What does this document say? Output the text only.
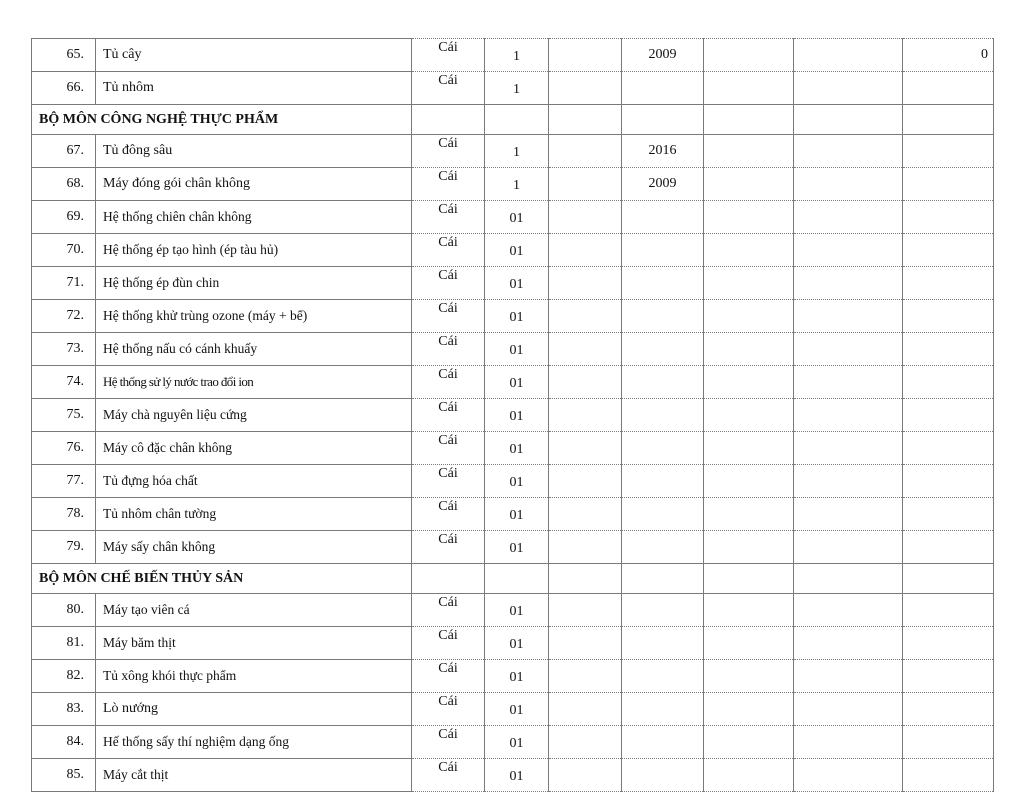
65.	Tủ cây	Cái	1		2009			0
66.	Tủ nhôm	Cái	1					
BỘ MÔN CÔNG NGHỆ THỰC PHẨM								
67.	Tủ đông sâu	Cái	1		2016			
68.	Máy đóng gói chân không	Cái	1		2009			
69.	Hệ thống chiên chân không	Cái	01					
70.	Hệ thống ép tạo hình (ép tàu hủ)	Cái	01					
71.	Hệ thống ép đùn chin	Cái	01					
72.	Hệ thống khử trùng ozone (máy + bể)	Cái	01					
73.	Hệ thống nấu có cánh khuấy	Cái	01					
74.	Hệ thống sử lý nước trao đổi ion	Cái	01					
75.	Máy chà nguyên liệu cứng	Cái	01					
76.	Máy cô đặc chân không	Cái	01					
77.	Tủ đựng hóa chất	Cái	01					
78.	Tủ nhôm chân tường	Cái	01					
79.	Máy sấy chân không	Cái	01					
BỘ MÔN CHẾ BIẾN THỦY SẢN								
80.	Máy tạo viên cá	Cái	01					
81.	Máy băm thịt	Cái	01					
82.	Tủ xông khói thực phẩm	Cái	01					
83.	Lò nướng	Cái	01					
84.	Hế thống sấy thí nghiệm dạng ống	Cái	01					
85.	Máy cắt thịt	Cái	01					
